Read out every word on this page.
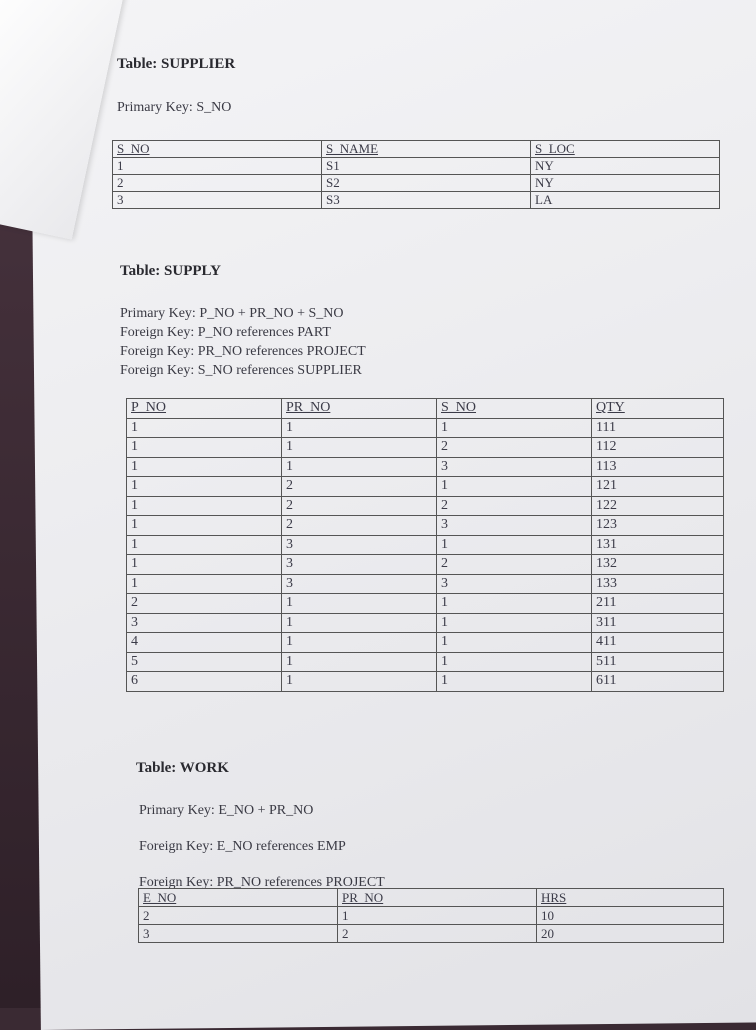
Table: SUPPLIER
Primary Key: S_NO
S_NO	S_NAME	S_LOC
1	S1	NY
2	S2	NY
3	S3	LA
Table: SUPPLY
Primary Key: P_NO + PR_NO + S_NO
Foreign Key: P_NO references PART
Foreign Key: PR_NO references PROJECT
Foreign Key: S_NO references SUPPLIER
P_NO	PR_NO	S_NO	QTY
1	1	1	111
1	1	2	112
1	1	3	113
1	2	1	121
1	2	2	122
1	2	3	123
1	3	1	131
1	3	2	132
1	3	3	133
2	1	1	211
3	1	1	311
4	1	1	411
5	1	1	511
6	1	1	611
Table: WORK
Primary Key: E_NO + PR_NO
Foreign Key: E_NO references EMP
Foreign Key: PR_NO references PROJECT
E_NO	PR_NO	HRS
2	1	10
3	2	20
